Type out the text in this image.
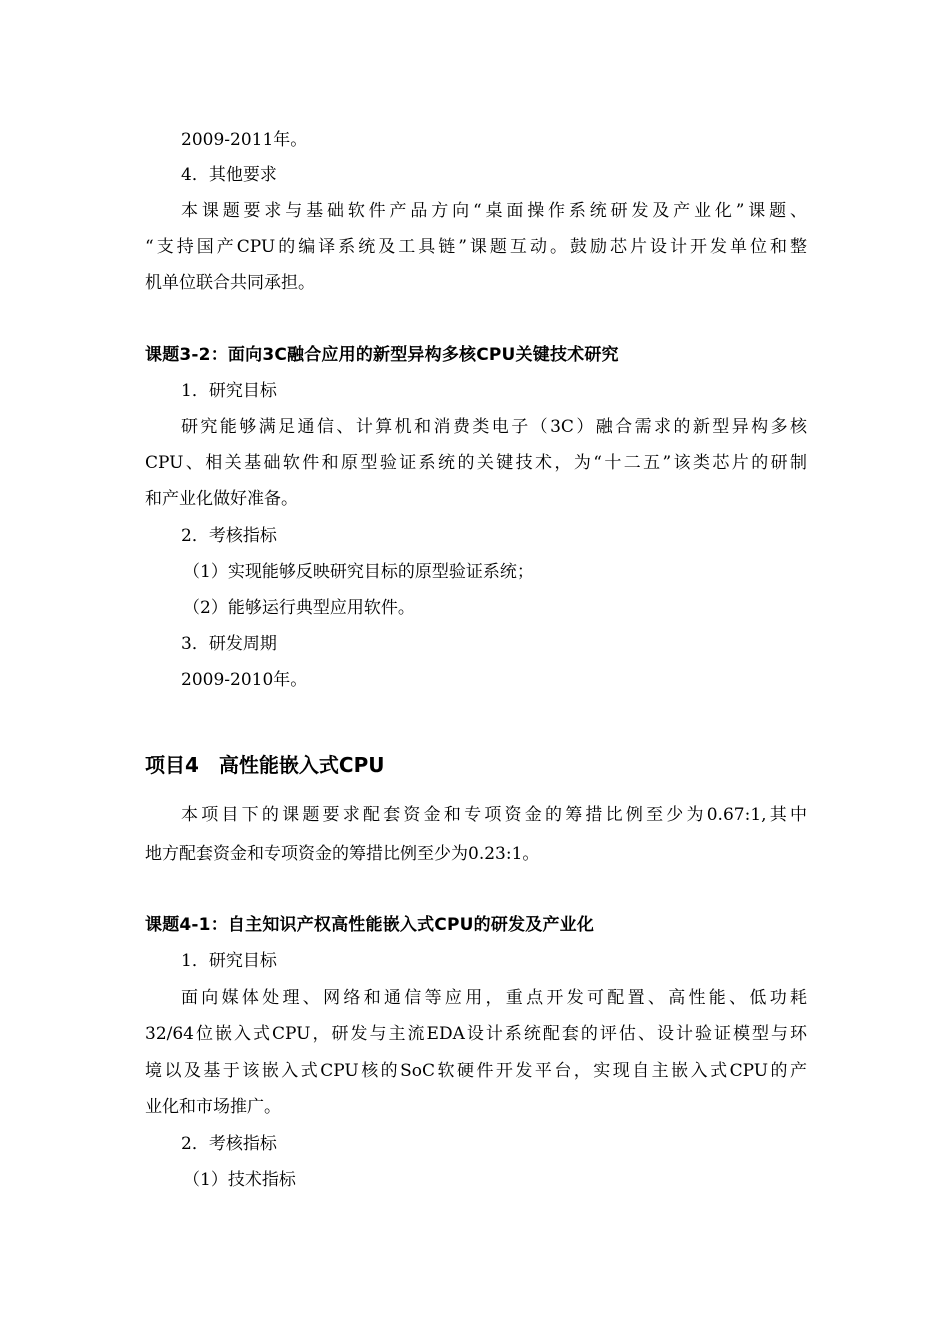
2009-2011年。
4．其他要求
本课题要求与基础软件产品方向“桌面操作系统研发及产业化”课题、
“支持国产CPU的编译系统及工具链”课题互动。鼓励芯片设计开发单位和整
机单位联合共同承担。
课题3-2：面向3C融合应用的新型异构多核CPU关键技术研究
1．研究目标
研究能够满足通信、计算机和消费类电子（3C）融合需求的新型异构多核
CPU、相关基础软件和原型验证系统的关键技术，为“十二五”该类芯片的研制
和产业化做好准备。
2．考核指标
（1）实现能够反映研究目标的原型验证系统；
（2）能够运行典型应用软件。
3．研发周期
2009-2010年。
项目4　高性能嵌入式CPU
本项目下的课题要求配套资金和专项资金的筹措比例至少为0.67:1,其中
地方配套资金和专项资金的筹措比例至少为0.23:1。
课题4-1：自主知识产权高性能嵌入式CPU的研发及产业化
1．研究目标
面向媒体处理、网络和通信等应用，重点开发可配置、高性能、低功耗
32/64位嵌入式CPU，研发与主流EDA设计系统配套的评估、设计验证模型与环
境以及基于该嵌入式CPU核的SoC软硬件开发平台，实现自主嵌入式CPU的产
业化和市场推广。
2．考核指标
（1）技术指标
